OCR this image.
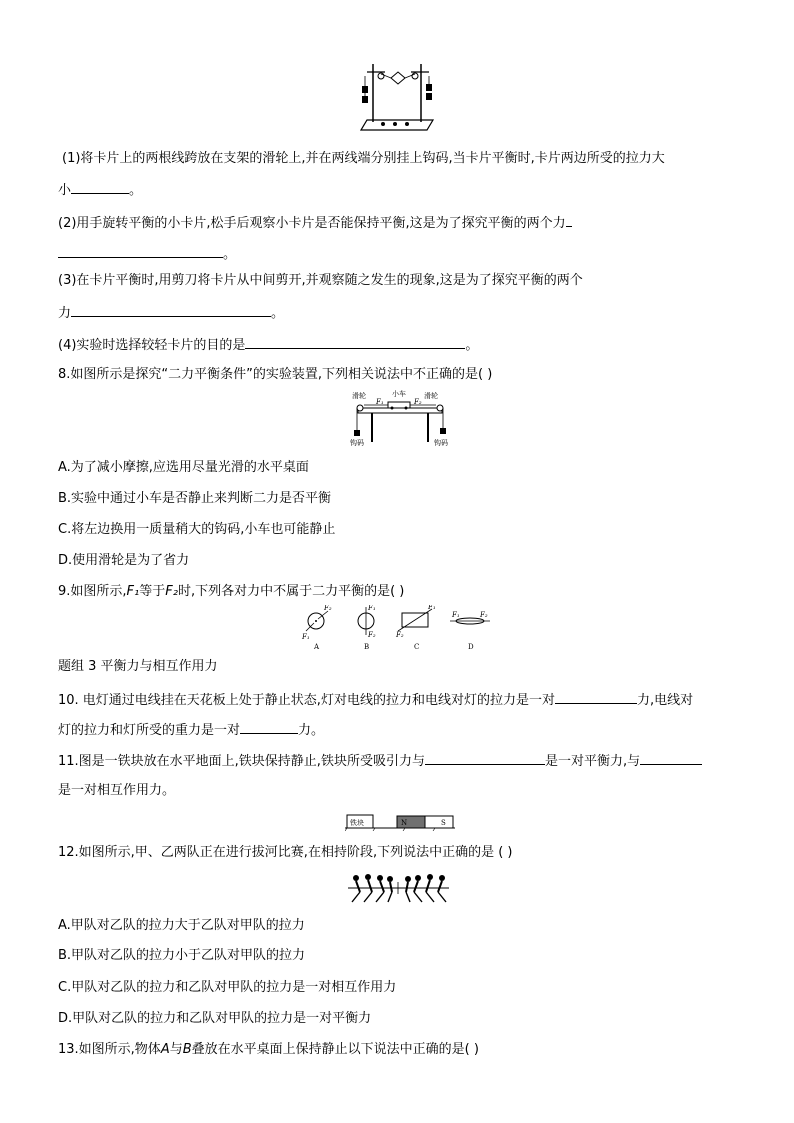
(1)将卡片上的两根线跨放在支架的滑轮上,并在两线端分别挂上钩码,当卡片平衡时,卡片两边所受的拉力大
小	。
(2)用手旋转平衡的小卡片,松手后观察小卡片是否能保持平衡,这是为了探究平衡的两个力
。
(3)在卡片平衡时,用剪刀将卡片从中间剪开,并观察随之发生的现象,这是为了探究平衡的两个
力	。
(4)实验时选择较轻卡片的目的是	。
8.如图所示是探究“二力平衡条件”的实验装置,下列相关说法中不正确的是( )
滑轮	滑轮
小车
F₁	F₂
钩码	钩码
A.为了减小摩擦,应选用尽量光滑的水平桌面
B.实验中通过小车是否静止来判断二力是否平衡
C.将左边换用一质量稍大的钩码,小车也可能静止
D.使用滑轮是为了省力
9.如图所示,F₁等于F₂时,下列各对力中不属于二力平衡的是( )
F₂
F₁
A
F₁
F₂
B
F₁
F₂
C
F₁	F₂
D
题组 3 平衡力与相互作用力
10. 电灯通过电线挂在天花板上处于静止状态,灯对电线的拉力和电线对灯的拉力是一对	力,电线对
灯的拉力和灯所受的重力是一对	力。
11.图是一铁块放在水平地面上,铁块保持静止,铁块所受吸引力与	是一对平衡力,与
是一对相互作用力。
铁块	N	S
12.如图所示,甲、乙两队正在进行拔河比赛,在相持阶段,下列说法中正确的是 ( )
A.甲队对乙队的拉力大于乙队对甲队的拉力
B.甲队对乙队的拉力小于乙队对甲队的拉力
C.甲队对乙队的拉力和乙队对甲队的拉力是一对相互作用力
D.甲队对乙队的拉力和乙队对甲队的拉力是一对平衡力
13.如图所示,物体A与B叠放在水平桌面上保持静止以下说法中正确的是( )
